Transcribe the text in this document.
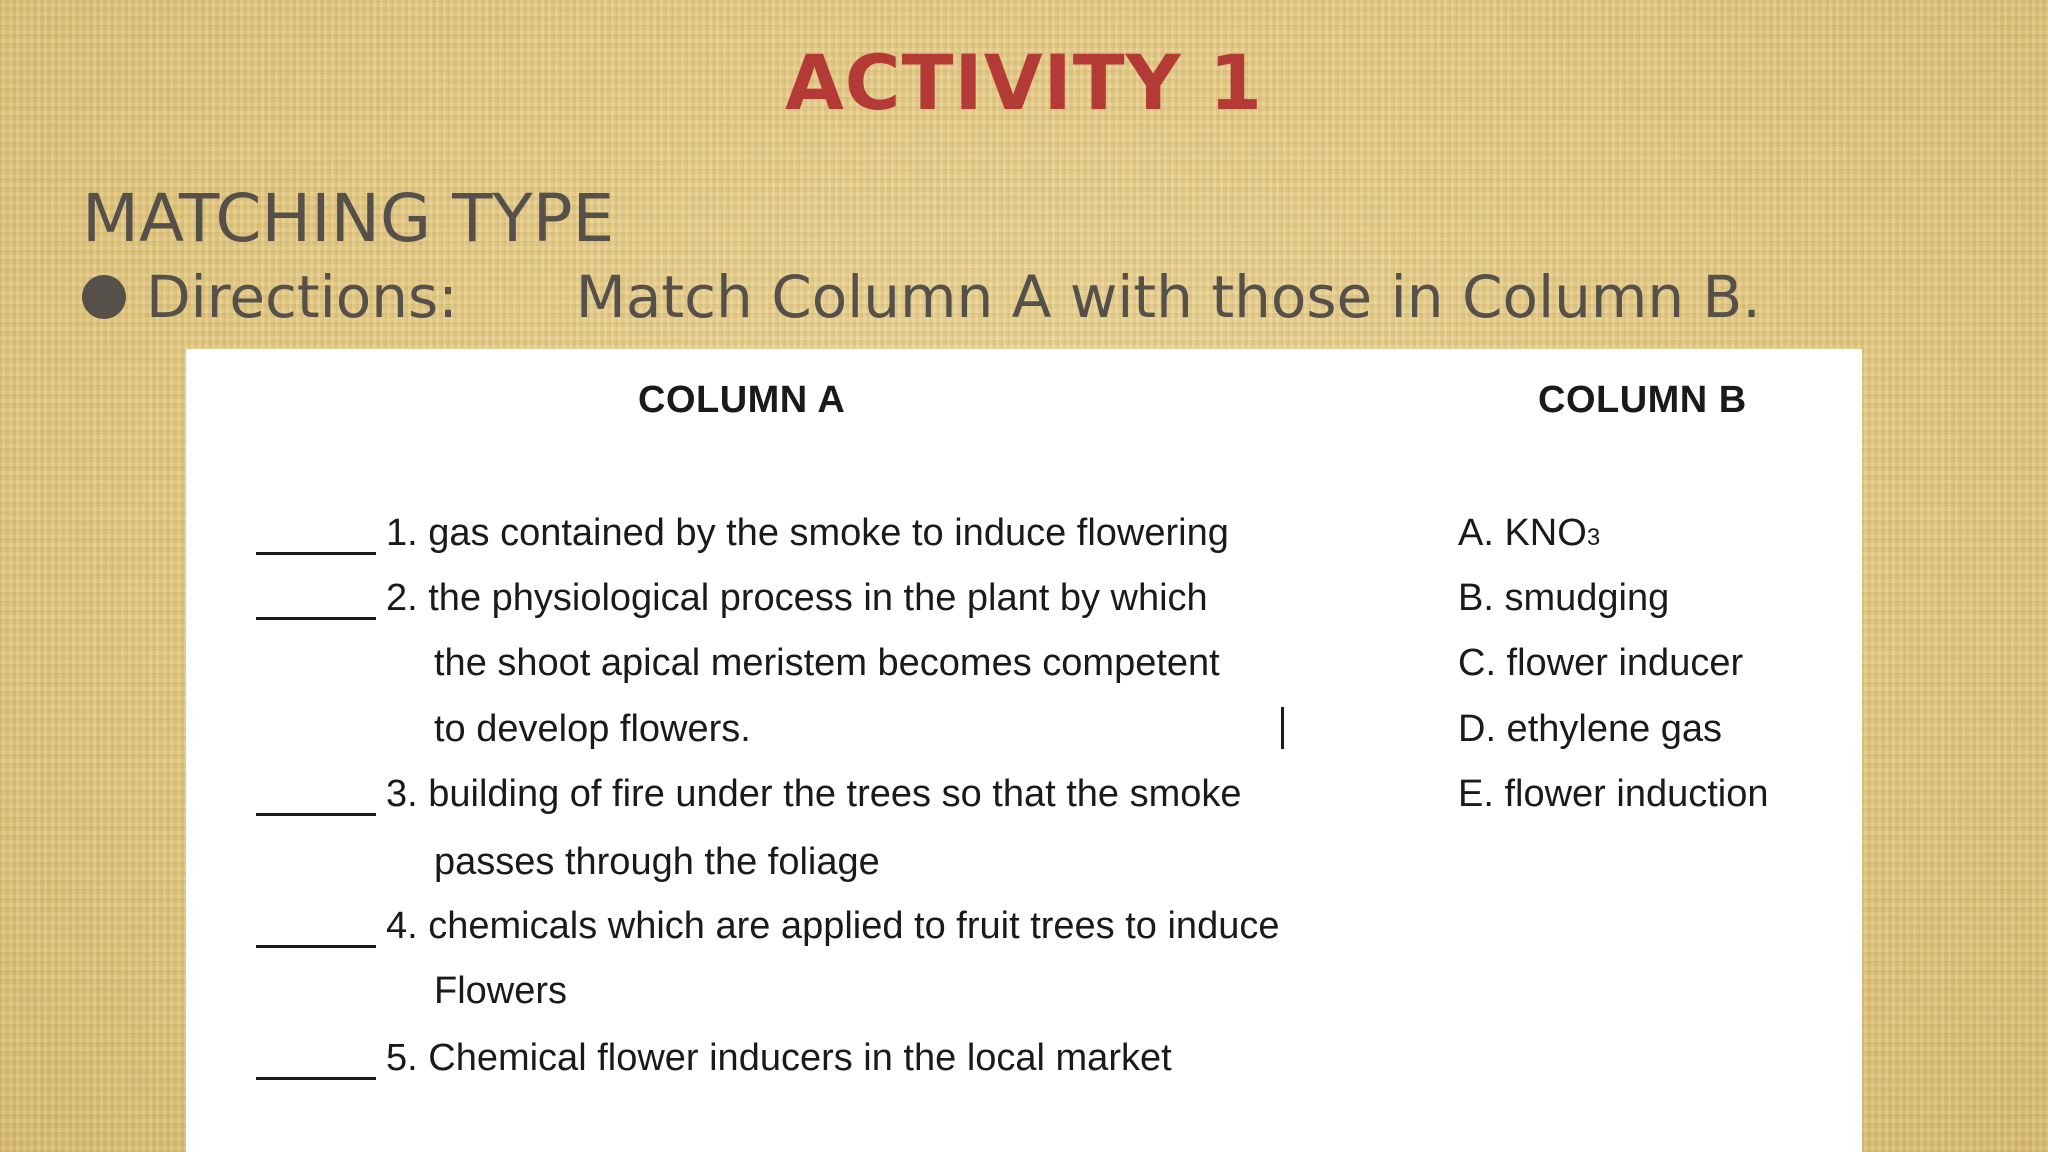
ACTIVITY 1
MATCHING TYPE
Directions: Match Column A with those in Column B.
COLUMN A	COLUMN B
1. gas contained by the smoke to induce flowering
2. the physiological process in the plant by which
the shoot apical meristem becomes competent
to develop flowers.
3. building of fire under the trees so that the smoke
passes through the foliage
4. chemicals which are applied to fruit trees to induce
Flowers
5. Chemical flower inducers in the local market
A. KNO3
B. smudging
C. flower inducer
D. ethylene gas
E. flower induction
